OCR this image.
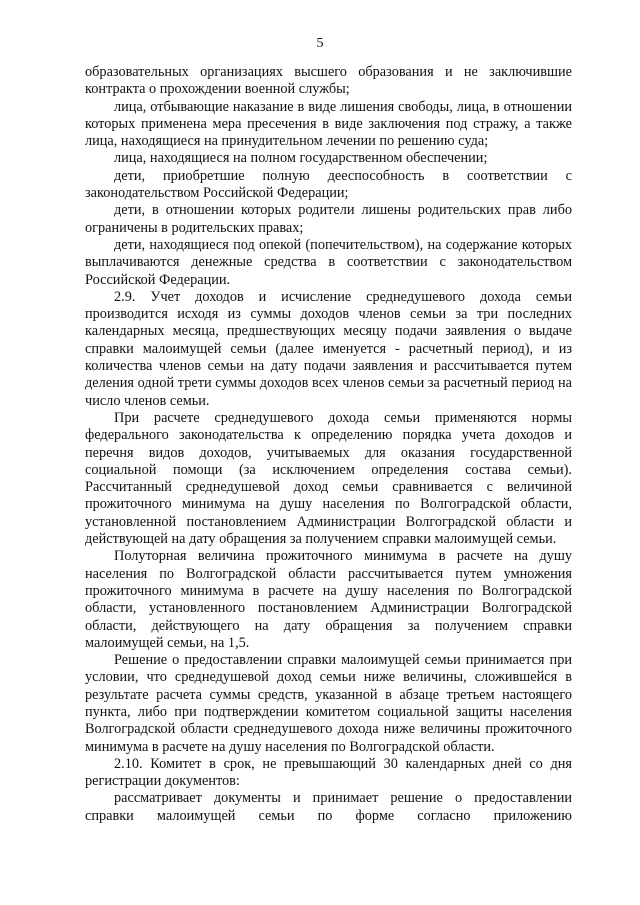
5

образовательных организациях высшего образования и не заключившие контракта о прохождении военной службы;

лица, отбывающие наказание в виде лишения свободы, лица, в отношении которых применена мера пресечения в виде заключения под стражу, а также лица, находящиеся на принудительном лечении по решению суда;

лица, находящиеся на полном государственном обеспечении;

дети, приобретшие полную дееспособность в соответствии с законодательством Российской Федерации;

дети, в отношении которых родители лишены родительских прав либо ограничены в родительских правах;

дети, находящиеся под опекой (попечительством), на содержание которых выплачиваются денежные средства в соответствии с законодательством Российской Федерации.

2.9. Учет доходов и исчисление среднедушевого дохода семьи производится исходя из суммы доходов членов семьи за три последних календарных месяца, предшествующих месяцу подачи заявления о выдаче справки малоимущей семьи (далее именуется - расчетный период), и из количества членов семьи на дату подачи заявления и рассчитывается путем деления одной трети суммы доходов всех членов семьи за расчетный период на число членов семьи.

При расчете среднедушевого дохода семьи применяются нормы федерального законодательства к определению порядка учета доходов и перечня видов доходов, учитываемых для оказания государственной социальной помощи (за исключением определения состава семьи). Рассчитанный среднедушевой доход семьи сравнивается с величиной прожиточного минимума на душу населения по Волгоградской области, установленной постановлением Администрации Волгоградской области и действующей на дату обращения за получением справки малоимущей семьи.

Полуторная величина прожиточного минимума в расчете на душу населения по Волгоградской области рассчитывается путем умножения прожиточного минимума в расчете на душу населения по Волгоградской области, установленного постановлением Администрации Волгоградской области, действующего на дату обращения за получением справки малоимущей семьи, на 1,5.

Решение о предоставлении справки малоимущей семьи принимается при условии, что среднедушевой доход семьи ниже величины, сложившейся в результате расчета суммы средств, указанной в абзаце третьем настоящего пункта, либо при подтверждении комитетом социальной защиты населения Волгоградской области среднедушевого дохода ниже величины прожиточного минимума в расчете на душу населения по Волгоградской области.

2.10. Комитет в срок, не превышающий 30 календарных дней со дня регистрации документов:

рассматривает документы и принимает решение о предоставлении справки малоимущей семьи по форме согласно приложению
